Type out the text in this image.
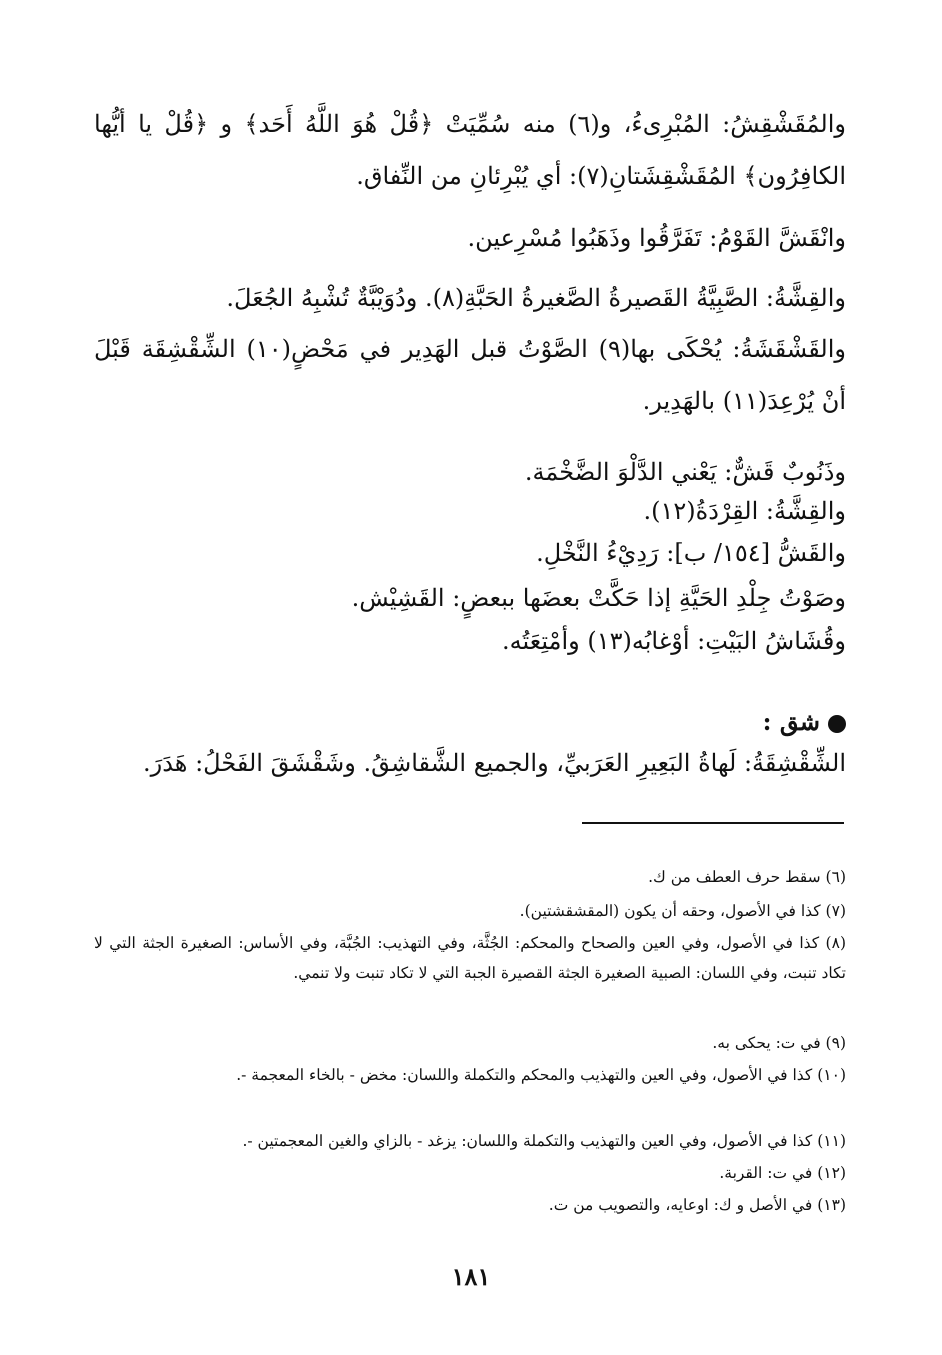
والمُقَشْقِشُ: المُبْرِىءُ، و(٦) منه سُمِّيَتْ ﴿قُلْ هُوَ اللَّهُ أَحَد﴾ و ﴿قُلْ يا أيُّها الكافِرُون﴾ المُقَشْقِشَتانِ(٧): أي يُبْرِئانِ من النِّفاق.
وانْقَشَّ القَوْمُ: تَفَرَّقُوا وذَهَبُوا مُسْرِعين.
والقِشَّةُ: الصَّبِيَّةُ القَصيرةُ الصَّغيرةُ الحَبَّةِ(٨). ودُوَيْبَّةٌ تُشْبِهُ الجُعَلَ.
والقَشْقَشَةُ: يُحْكَى بها(٩) الصَّوْتُ قبل الهَدِير في مَحْضٍ(١٠) الشِّقْشِقَة قَبْلَ أنْ يُرْعِدَ(١١) بالهَدِير.
وذَنُوبٌ قَشٌّ: يَعْني الدَّلْوَ الضَّخْمَة.
والقِشَّةُ: القِرْدَةُ(١٢).
والقَشُّ [١٥٤/ ب]: رَدِيْءُ النَّخْلِ.
وصَوْتُ جِلْدِ الحَيَّةِ إذا حَكَّتْ بعضَها ببعضٍ: القَشِيْش.
وقُشَاشُ البَيْتِ: أوْغابُه(١٣) وأمْتِعَتُه.
شق :
الشِّقْشِقَةُ: لَهاةُ البَعِيرِ العَرَبيِّ، والجميع الشَّقاشِقُ. وشَقْشَقَ الفَحْلُ: هَدَرَ.
(٦) سقط حرف العطف من ك.
(٧) كذا في الأصول، وحقه أن يكون (المقشقشتين).
(٨) كذا في الأصول، وفي العين والصحاح والمحكم: الجُثَّة، وفي التهذيب: الجُبَّة، وفي الأساس: الصغيرة الجثة التي لا تكاد تنبت، وفي اللسان: الصبية الصغيرة الجثة القصيرة الجبة التي لا تكاد تنبت ولا تنمي.
(٩) في ت: يحكى به.
(١٠) كذا في الأصول، وفي العين والتهذيب والمحكم والتكملة واللسان: مخض - بالخاء المعجمة -.
(١١) كذا في الأصول، وفي العين والتهذيب والتكملة واللسان: يزغد - بالزاي والغين المعجمتين -.
(١٢) في ت: القربة.
(١٣) في الأصل و ك: اوعايه، والتصويب من ت.
١٨١
